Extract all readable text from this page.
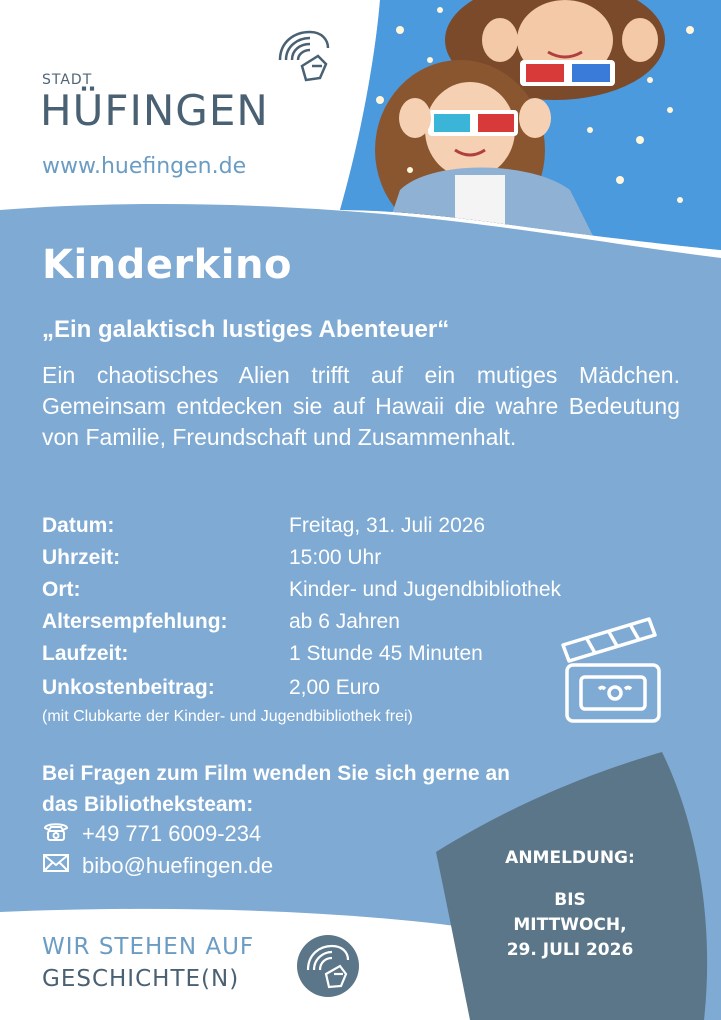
STADT
HÜFINGEN
www.huefingen.de
Kinderkino
„Ein galaktisch lustiges Abenteuer“
Ein chaotisches Alien trifft auf ein mutiges Mädchen. Gemeinsam entdecken sie auf Hawaii die wahre Bedeutung von Familie, Freundschaft und Zusammenhalt.
Datum:	Freitag, 31. Juli 2026
Uhrzeit:	15:00 Uhr
Ort:	Kinder- und Jugendbibliothek
Altersempfehlung:	ab 6 Jahren
Laufzeit:	1 Stunde 45 Minuten
Unkostenbeitrag:	2,00 Euro
(mit Clubkarte der Kinder- und Jugendbibliothek frei)
Bei Fragen zum Film wenden Sie sich gerne an das Bibliotheksteam:
+49 771 6009-234
bibo@huefingen.de	ANMELDUNG:
BIS
MITTWOCH,
29. JULI 2026
WIR STEHEN AUF
GESCHICHTE(N)
